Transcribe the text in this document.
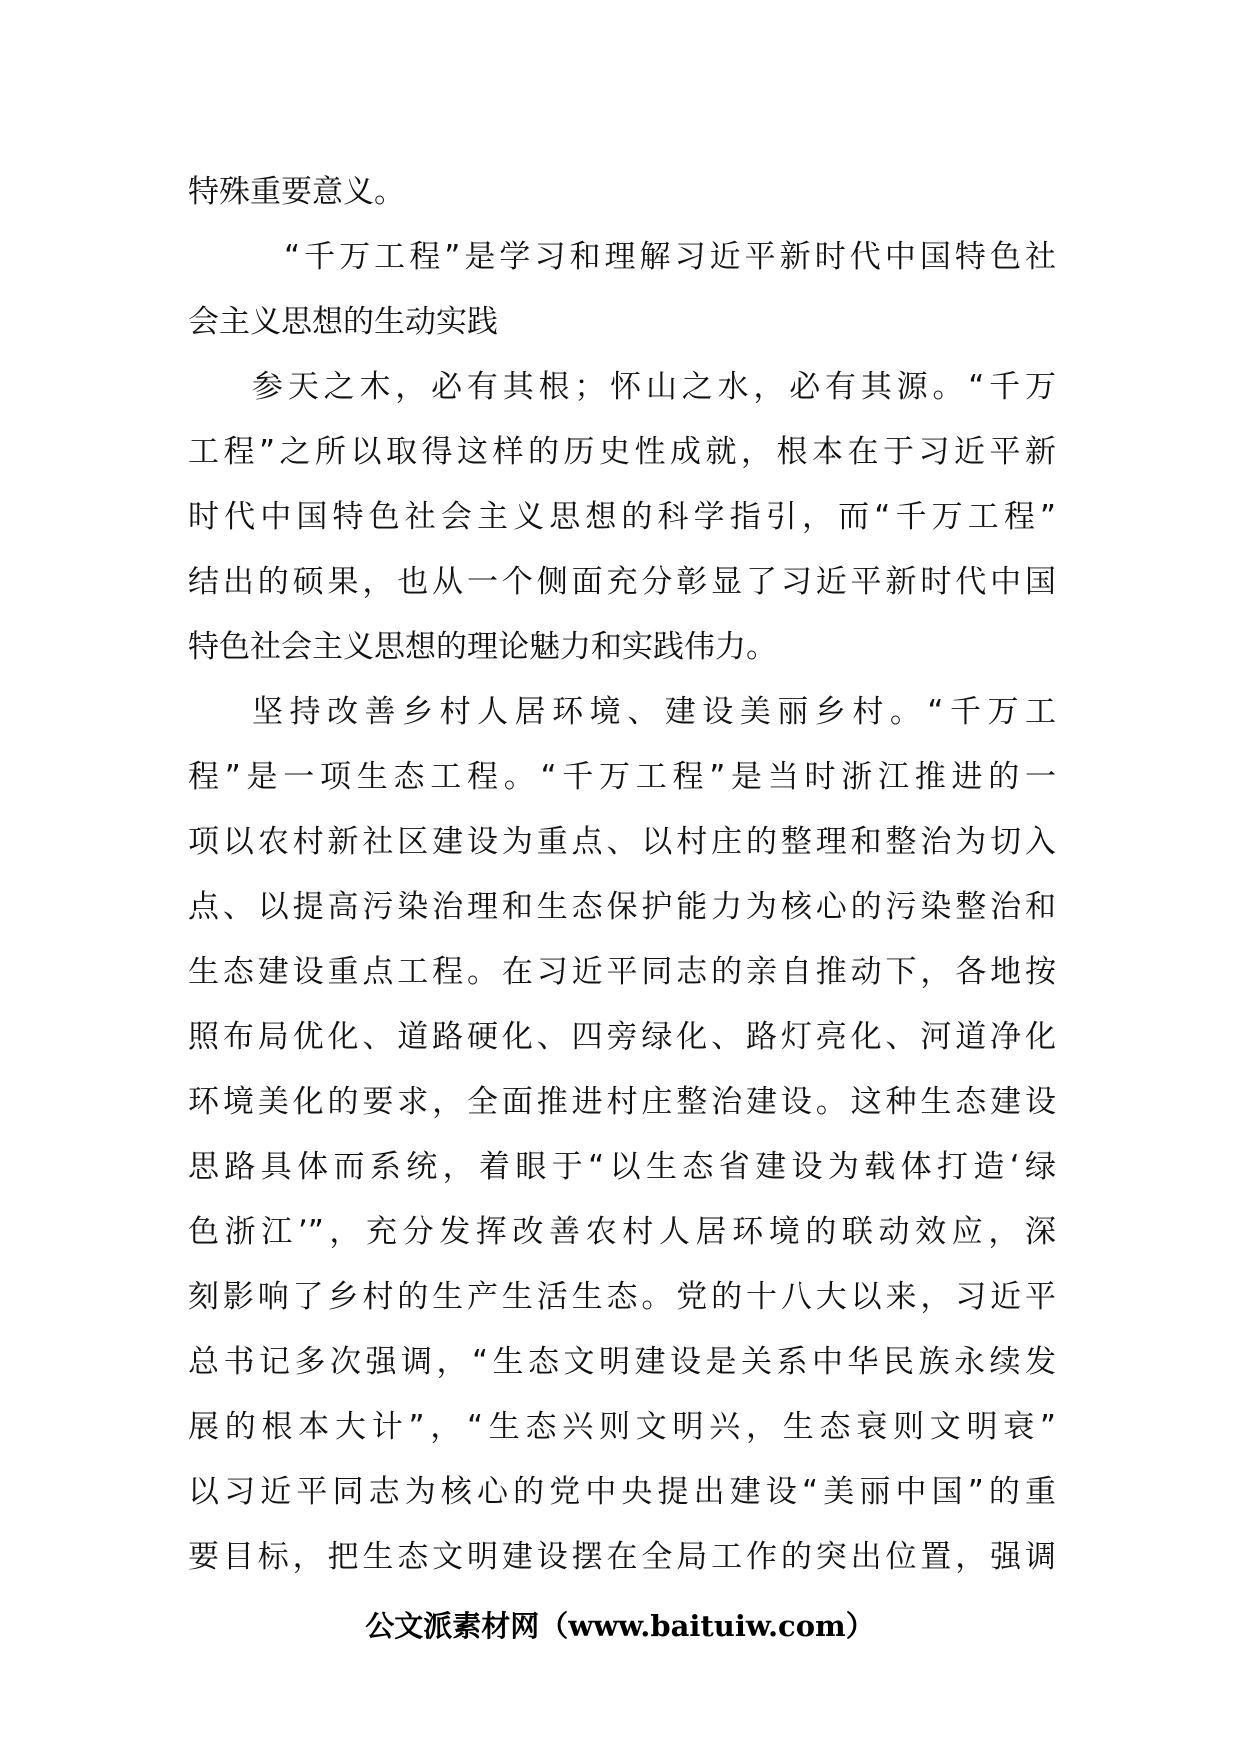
特殊重要意义。
“千万工程”是学习和理解习近平新时代中国特色社
会主义思想的生动实践
参天之木，必有其根；怀山之水，必有其源。“千万
工程”之所以取得这样的历史性成就，根本在于习近平新
时代中国特色社会主义思想的科学指引，而“千万工程”
结出的硕果，也从一个侧面充分彰显了习近平新时代中国
特色社会主义思想的理论魅力和实践伟力。
坚持改善乡村人居环境、建设美丽乡村。“千万工
程”是一项生态工程。“千万工程”是当时浙江推进的一
项以农村新社区建设为重点、以村庄的整理和整治为切入
点、以提高污染治理和生态保护能力为核心的污染整治和
生态建设重点工程。在习近平同志的亲自推动下，各地按
照布局优化、道路硬化、四旁绿化、路灯亮化、河道净化
环境美化的要求，全面推进村庄整治建设。这种生态建设
思路具体而系统，着眼于“以生态省建设为载体打造‘绿
色浙江’”，充分发挥改善农村人居环境的联动效应，深
刻影响了乡村的生产生活生态。党的十八大以来，习近平
总书记多次强调，“生态文明建设是关系中华民族永续发
展的根本大计”，“生态兴则文明兴，生态衰则文明衰”
以习近平同志为核心的党中央提出建设“美丽中国”的重
要目标，把生态文明建设摆在全局工作的突出位置，强调
公文派素材网（www.baituiw.com）
